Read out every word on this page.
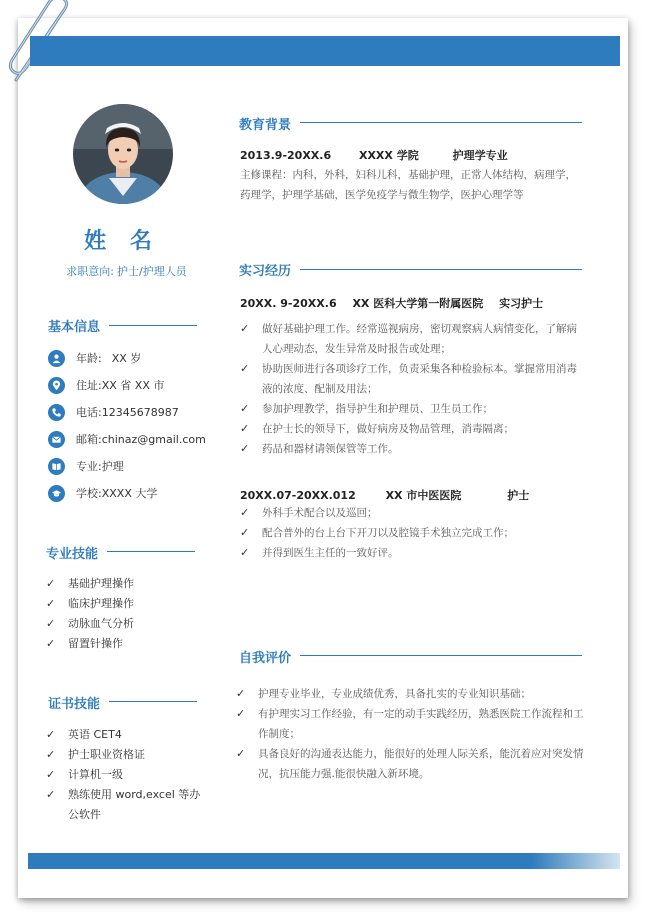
姓 名
求职意向: 护士/护理人员
基本信息
年龄: XX 岁
住址: XX 省 XX 市
电话: 12345678987
邮箱: chinaz@gmail.com
专业: 护理
学校: XXXX 大学
专业技能
✓ 基础护理操作
✓ 临床护理操作
✓ 动脉血气分析
✓ 留置针操作
证书技能
✓ 英语 CET4
✓ 护士职业资格证
✓ 计算机一级
✓ 熟练使用 word,excel 等办公软件
教育背景
2013.9-20XX.6	XXXX 学院	护理学专业
主修课程：内科，外科，妇科儿科，基础护理，正常人体结构，病理学，药理学，护理学基础，医学免疫学与微生物学，医护心理学等
实习经历
20XX. 9-20XX.6 XX 医科大学第一附属医院 实习护士
✓ 做好基础护理工作。经常巡视病房，密切观察病人病情变化，了解病人心理动态，发生异常及时报告或处理；
✓ 协助医师进行各项诊疗工作，负责采集各种检验标本。掌握常用消毒液的浓度、配制及用法；
✓ 参加护理教学，指导护生和护理员、卫生员工作；
✓ 在护士长的领导下，做好病房及物品管理，消毒隔离；
✓ 药品和器材请领保管等工作。
20XX.07-20XX.012	XX 市中医医院	护士
✓ 外科手术配合以及巡回；
✓ 配合普外的台上台下开刀以及腔镜手术独立完成工作；
✓ 并得到医生主任的一致好评。
自我评价
✓ 护理专业毕业，专业成绩优秀，具备扎实的专业知识基础；
✓ 有护理实习工作经验，有一定的动手实践经历，熟悉医院工作流程和工作制度；
✓ 具备良好的沟通表达能力，能很好的处理人际关系，能沉着应对突发情况，抗压能力强.能很快融入新环境。
